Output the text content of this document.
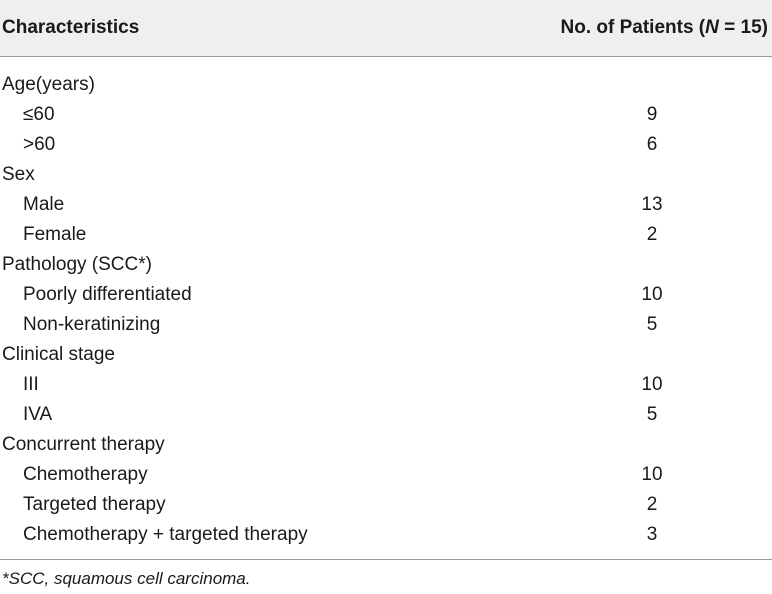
Characteristics	No. of Patients (N = 15)
Age(years)
≤60	9
>60	6
Sex
Male	13
Female	2
Pathology (SCC*)
Poorly differentiated	10
Non-keratinizing	5
Clinical stage
III	10
IVA	5
Concurrent therapy
Chemotherapy	10
Targeted therapy	2
Chemotherapy + targeted therapy	3
*SCC, squamous cell carcinoma.
